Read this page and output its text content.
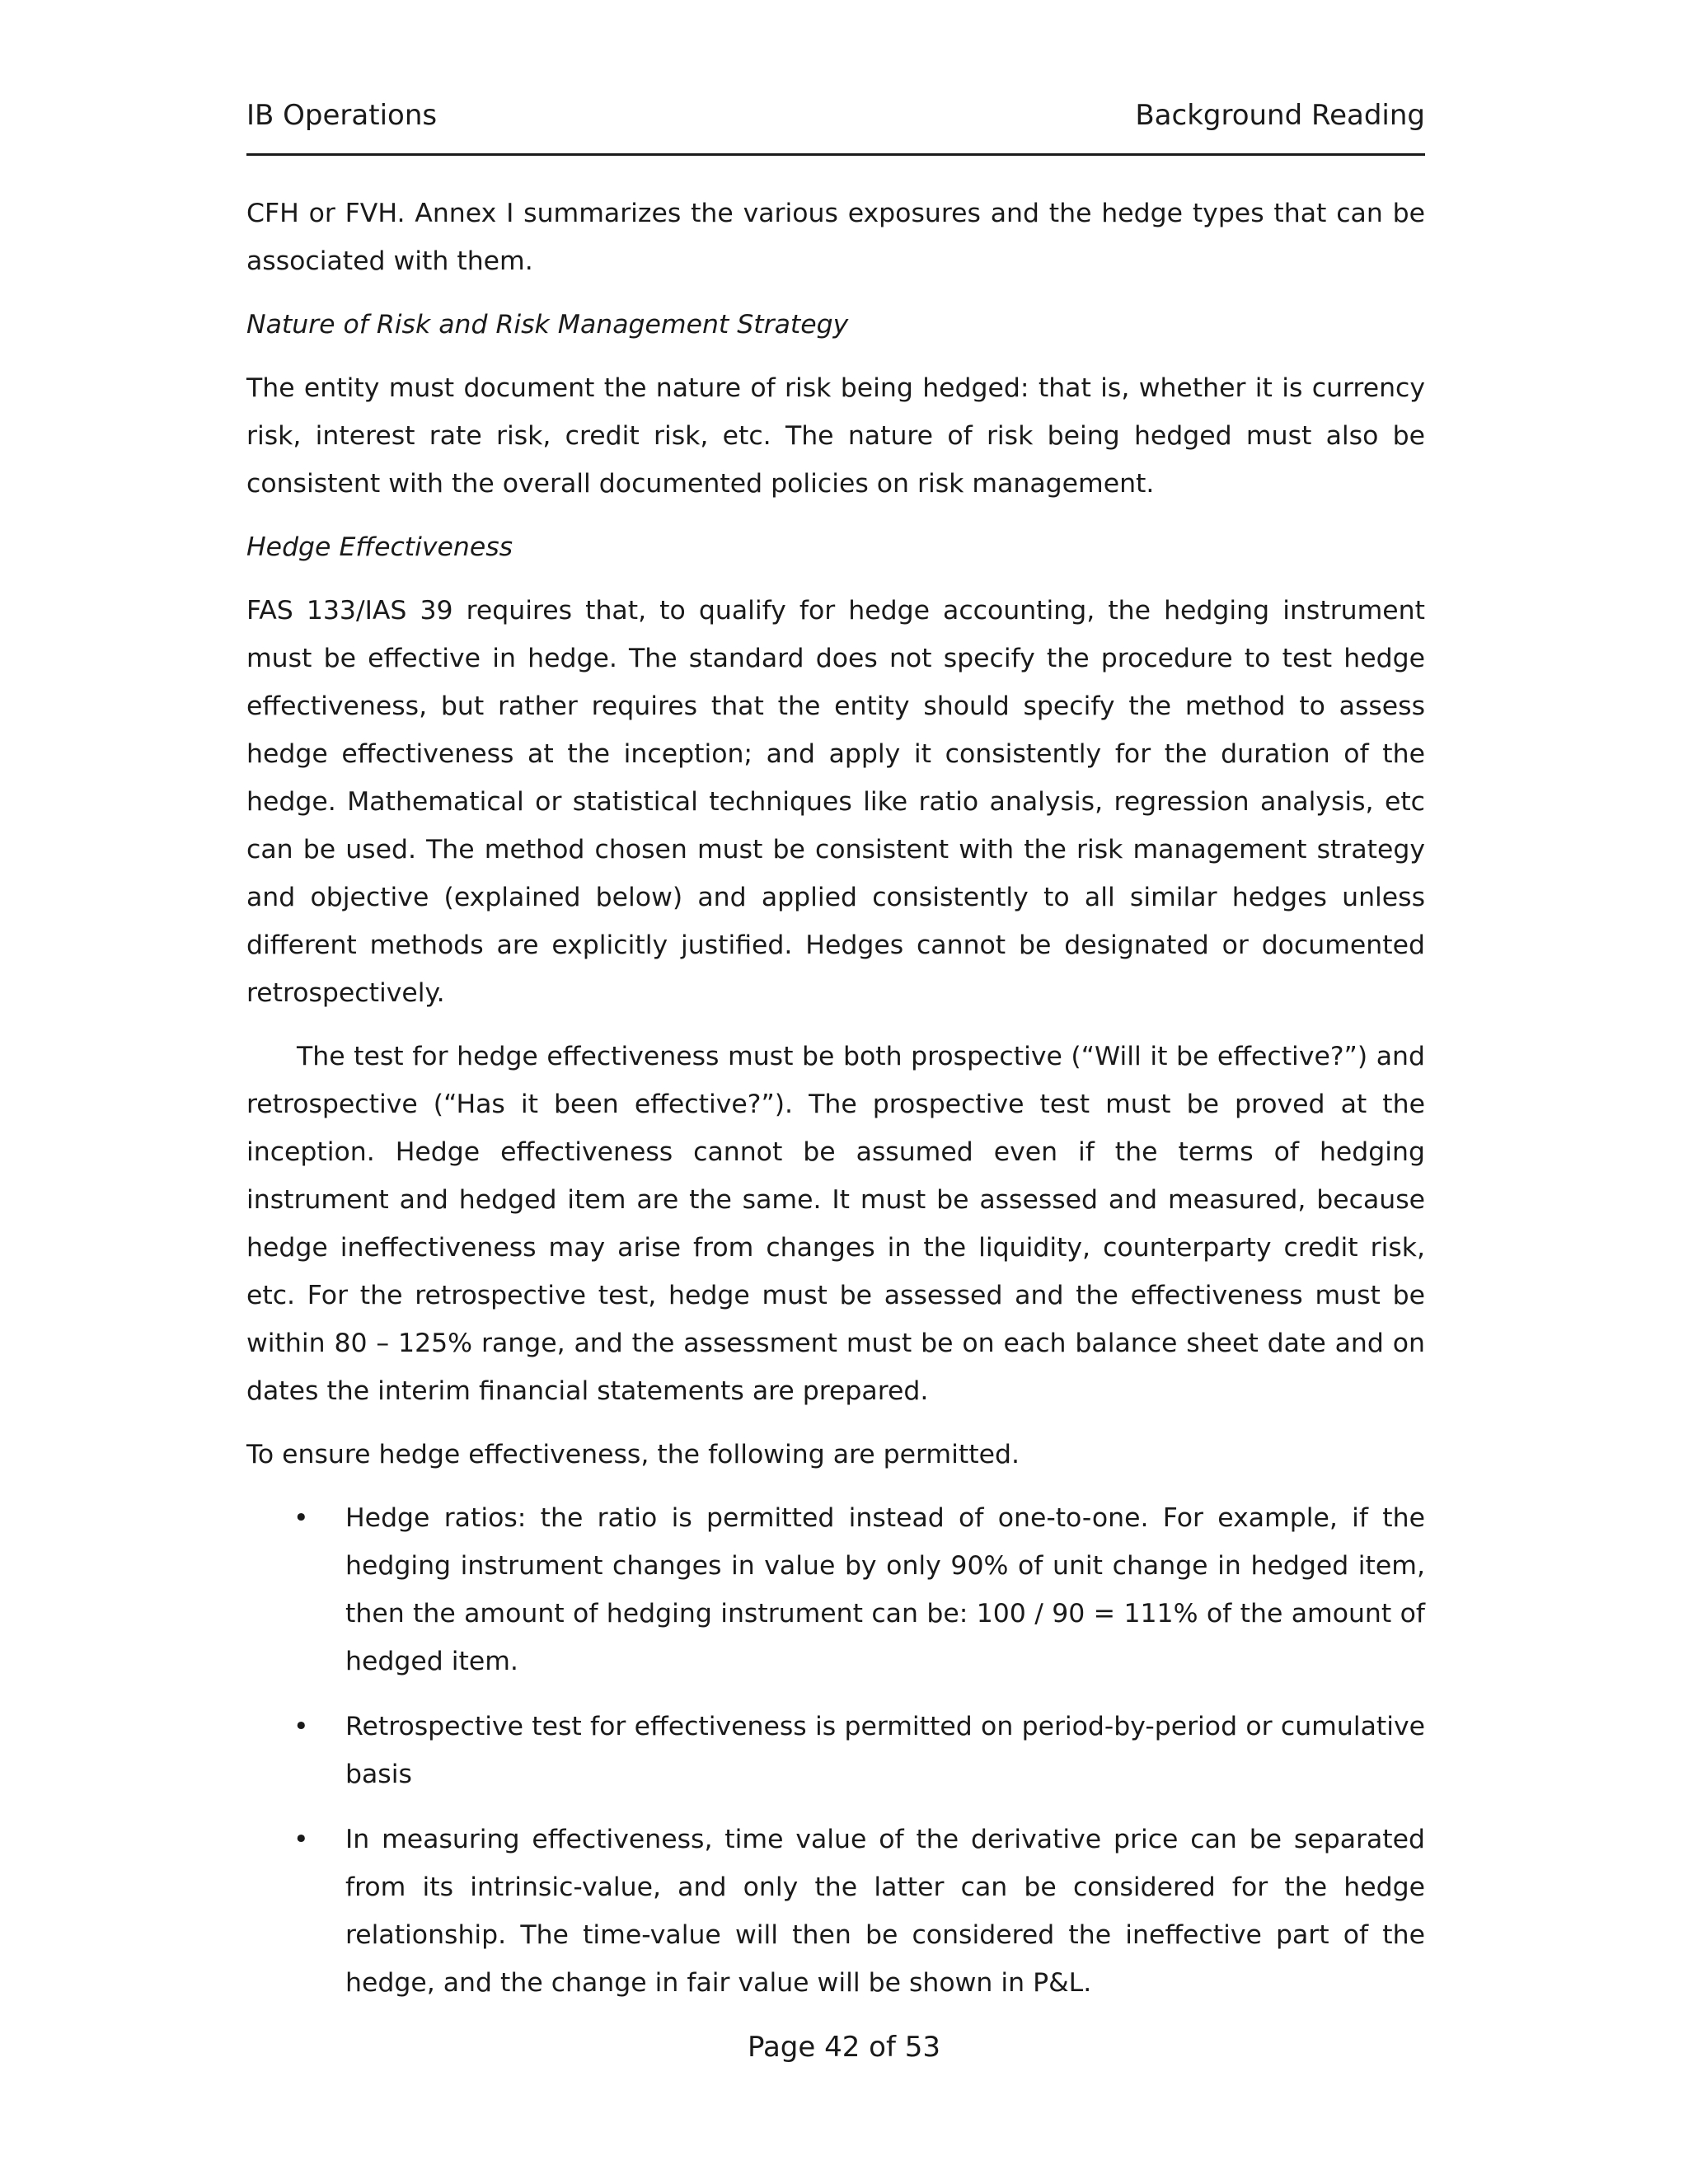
IB Operations	Background Reading

CFH or FVH. Annex I summarizes the various exposures and the hedge types that can be associated with them.

Nature of Risk and Risk Management Strategy

The entity must document the nature of risk being hedged: that is, whether it is currency risk, interest rate risk, credit risk, etc. The nature of risk being hedged must also be consistent with the overall documented policies on risk management.

Hedge Effectiveness

FAS 133/IAS 39 requires that, to qualify for hedge accounting, the hedging instrument must be effective in hedge. The standard does not specify the procedure to test hedge effectiveness, but rather requires that the entity should specify the method to assess hedge effectiveness at the inception; and apply it consistently for the duration of the hedge. Mathematical or statistical techniques like ratio analysis, regression analysis, etc can be used. The method chosen must be consistent with the risk management strategy and objective (explained below) and applied consistently to all similar hedges unless different methods are explicitly justified. Hedges cannot be designated or documented retrospectively.

The test for hedge effectiveness must be both prospective (“Will it be effective?”) and retrospective (“Has it been effective?”). The prospective test must be proved at the inception. Hedge effectiveness cannot be assumed even if the terms of hedging instrument and hedged item are the same. It must be assessed and measured, because hedge ineffectiveness may arise from changes in the liquidity, counterparty credit risk, etc. For the retrospective test, hedge must be assessed and the effectiveness must be within 80 – 125% range, and the assessment must be on each balance sheet date and on dates the interim financial statements are prepared.

To ensure hedge effectiveness, the following are permitted.

• Hedge ratios: the ratio is permitted instead of one-to-one. For example, if the hedging instrument changes in value by only 90% of unit change in hedged item, then the amount of hedging instrument can be: 100 / 90 = 111% of the amount of hedged item.
• Retrospective test for effectiveness is permitted on period-by-period or cumulative basis
• In measuring effectiveness, time value of the derivative price can be separated from its intrinsic-value, and only the latter can be considered for the hedge relationship. The time-value will then be considered the ineffective part of the hedge, and the change in fair value will be shown in P&L.
Page 42 of 53
